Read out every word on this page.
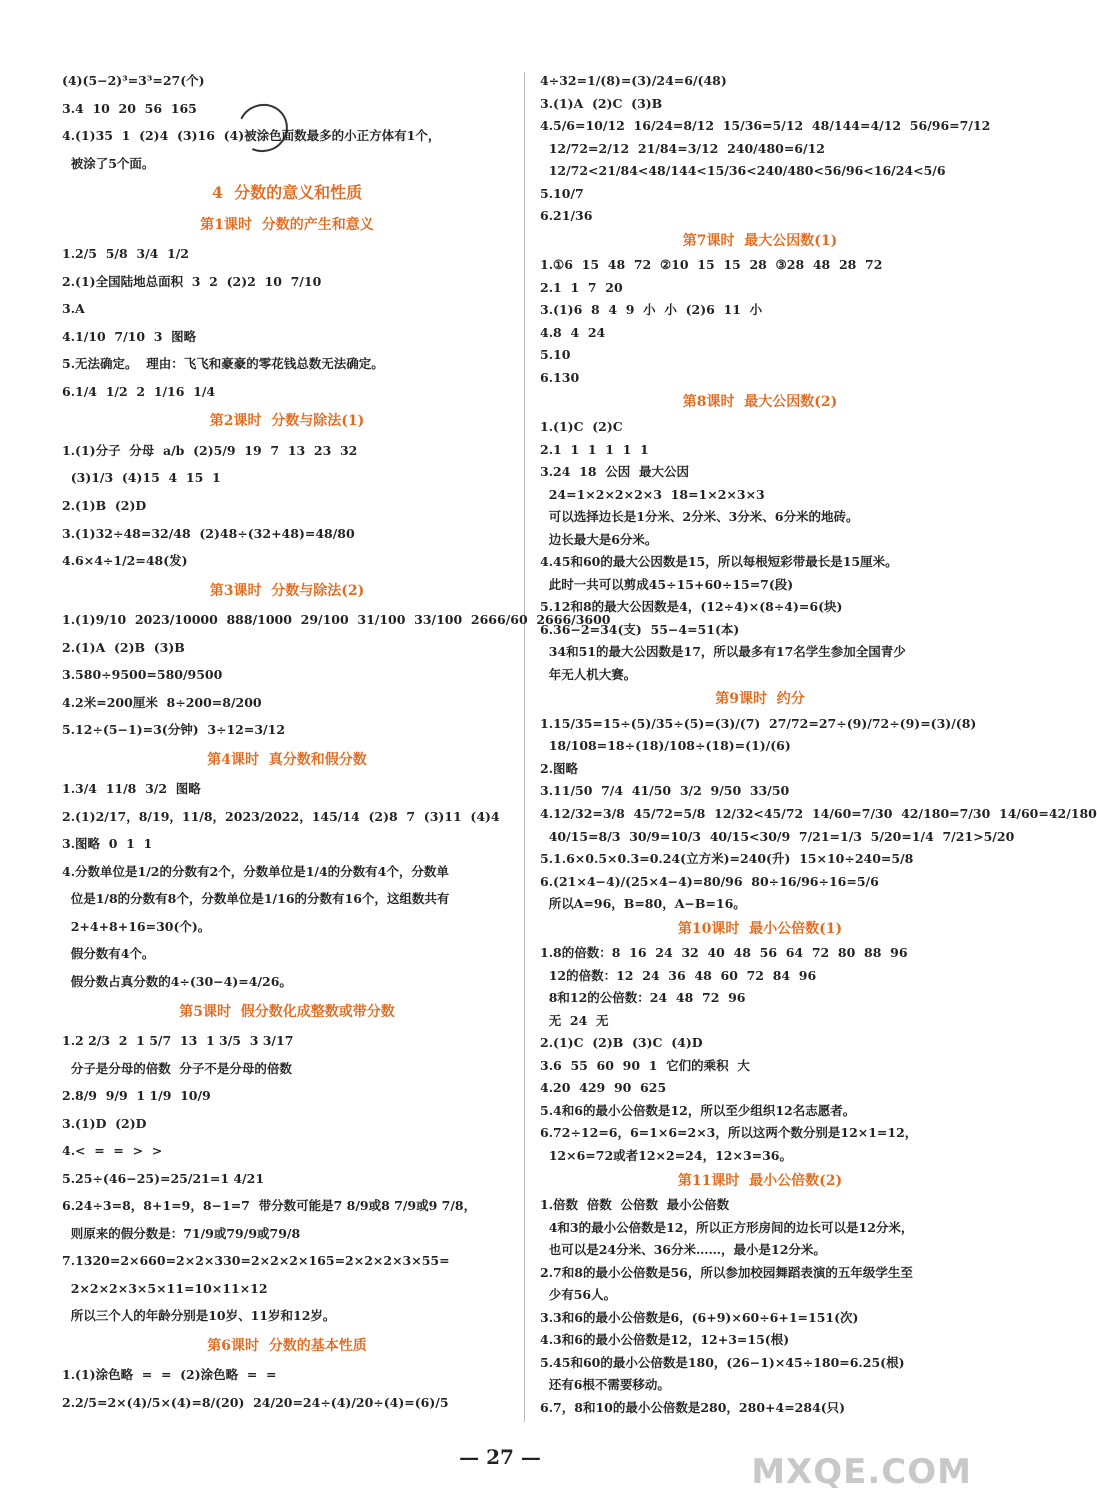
(4)(5−2)³=3³=27(个)
3.4  10  20  56  165
4.(1)35  1  (2)4  (3)16  (4)被涂色面数最多的小正方体有1个，
被涂了5个面。
4  分数的意义和性质
第1课时  分数的产生和意义
1.2/5  5/8  3/4  1/2
2.(1)全国陆地总面积  3  2  (2)2  10  7/10
3.A
4.1/10  7/10  3  图略
5.无法确定。  理由：飞飞和豪豪的零花钱总数无法确定。
6.1/4  1/2  2  1/16  1/4
第2课时  分数与除法(1)
1.(1)分子  分母  a/b  (2)5/9  19  7  13  23  32
(3)1/3  (4)15  4  15  1
2.(1)B  (2)D
3.(1)32÷48=32/48  (2)48÷(32+48)=48/80
4.6×4÷1/2=48(发)
第3课时  分数与除法(2)
1.(1)9/10  2023/10000  888/1000  29/100  31/100  33/100  2666/60  2666/3600
2.(1)A  (2)B  (3)B
3.580÷9500=580/9500
4.2米=200厘米  8÷200=8/200
5.12÷(5−1)=3(分钟)  3÷12=3/12
第4课时  真分数和假分数
1.3/4  11/8  3/2  图略
2.(1)2/17，8/19，11/8，2023/2022，145/14  (2)8  7  (3)11  (4)4
3.图略  0  1  1
4.分数单位是1/2的分数有2个，分数单位是1/4的分数有4个，分数单
位是1/8的分数有8个，分数单位是1/16的分数有16个，这组数共有
2+4+8+16=30(个)。
假分数有4个。
假分数占真分数的4÷(30−4)=4/26。
第5课时  假分数化成整数或带分数
1.2 2/3  2  1 5/7  13  1 3/5  3 3/17
分子是分母的倍数  分子不是分母的倍数
2.8/9  9/9  1 1/9  10/9
3.(1)D  (2)D
4.<  =  =  >  >
5.25÷(46−25)=25/21=1 4/21
6.24÷3=8，8+1=9，8−1=7  带分数可能是7 8/9或8 7/9或9 7/8，
则原来的假分数是：71/9或79/9或79/8
7.1320=2×660=2×2×330=2×2×2×165=2×2×2×3×55=
2×2×2×3×5×11=10×11×12
所以三个人的年龄分别是10岁、11岁和12岁。
第6课时  分数的基本性质
1.(1)涂色略  =  =  (2)涂色略  =  =
2.2/5=2×(4)/5×(4)=8/(20)  24/20=24÷(4)/20÷(4)=(6)/5
4÷32=1/(8)=(3)/24=6/(48)
3.(1)A  (2)C  (3)B
4.5/6=10/12  16/24=8/12  15/36=5/12  48/144=4/12  56/96=7/12
12/72=2/12  21/84=3/12  240/480=6/12
12/72<21/84<48/144<15/36<240/480<56/96<16/24<5/6
5.10/7
6.21/36
第7课时  最大公因数(1)
1.①6  15  48  72  ②10  15  15  28  ③28  48  28  72
2.1  1  7  20
3.(1)6  8  4  9  小  小  (2)6  11  小
4.8  4  24
5.10
6.130
第8课时  最大公因数(2)
1.(1)C  (2)C
2.1  1  1  1  1  1
3.24  18  公因  最大公因
24=1×2×2×2×3  18=1×2×3×3
可以选择边长是1分米、2分米、3分米、6分米的地砖。
边长最大是6分米。
4.45和60的最大公因数是15，所以每根短彩带最长是15厘米。
此时一共可以剪成45÷15+60÷15=7(段)
5.12和8的最大公因数是4，(12÷4)×(8÷4)=6(块)
6.36−2=34(支)  55−4=51(本)
34和51的最大公因数是17，所以最多有17名学生参加全国青少
年无人机大赛。
第9课时  约分
1.15/35=15÷(5)/35÷(5)=(3)/(7)  27/72=27÷(9)/72÷(9)=(3)/(8)
18/108=18÷(18)/108÷(18)=(1)/(6)
2.图略
3.11/50  7/4  41/50  3/2  9/50  33/50
4.12/32=3/8  45/72=5/8  12/32<45/72  14/60=7/30  42/180=7/30  14/60=42/180
40/15=8/3  30/9=10/3  40/15<30/9  7/21=1/3  5/20=1/4  7/21>5/20
5.1.6×0.5×0.3=0.24(立方米)=240(升)  15×10÷240=5/8
6.(21×4−4)/(25×4−4)=80/96  80÷16/96÷16=5/6
所以A=96，B=80，A−B=16。
第10课时  最小公倍数(1)
1.8的倍数：8  16  24  32  40  48  56  64  72  80  88  96
12的倍数：12  24  36  48  60  72  84  96
8和12的公倍数：24  48  72  96
无  24  无
2.(1)C  (2)B  (3)C  (4)D
3.6  55  60  90  1  它们的乘积  大
4.20  429  90  625
5.4和6的最小公倍数是12，所以至少组织12名志愿者。
6.72÷12=6，6=1×6=2×3，所以这两个数分别是12×1=12，
12×6=72或者12×2=24，12×3=36。
第11课时  最小公倍数(2)
1.倍数  倍数  公倍数  最小公倍数
4和3的最小公倍数是12，所以正方形房间的边长可以是12分米，
也可以是24分米、36分米……，最小是12分米。
2.7和8的最小公倍数是56，所以参加校园舞蹈表演的五年级学生至
少有56人。
3.3和6的最小公倍数是6，(6+9)×60÷6+1=151(次)
4.3和6的最小公倍数是12，12+3=15(根)
5.45和60的最小公倍数是180，(26−1)×45÷180=6.25(根)
还有6根不需要移动。
6.7，8和10的最小公倍数是280，280+4=284(只)
— 27 —	MXQE.COM
